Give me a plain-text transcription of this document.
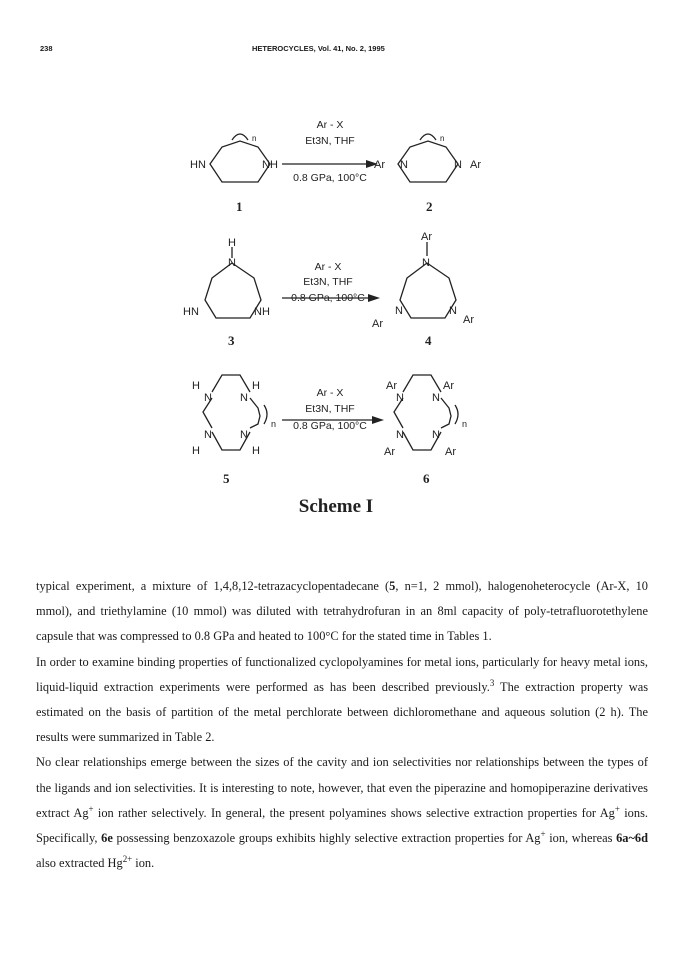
238	HETEROCYCLES, Vol. 41, No. 2, 1995
Ar - X
Et3N, THF
0.8 GPa, 100°C
HN	NH
n
Ar N	N Ar
n
1	2
Ar - X
Et3N, THF
0.8 GPa, 100°C
H
N
HN	NH
Ar
N
N	N
Ar	Ar
3	4
Ar - X
Et3N, THF
0.8 GPa, 100°C
H	H
N	N
N	N
H	H
n
Ar	Ar
N	N
N	N
Ar	Ar
n
5	6
Scheme I

typical experiment, a mixture of 1,4,8,12-tetrazacyclopentadecane (5, n=1, 2 mmol), halogenoheterocycle (Ar-X, 10 mmol), and triethylamine (10 mmol) was diluted with tetrahydrofuran in an 8ml capacity of poly-tetrafluorotethylene capsule that was compressed to 0.8 GPa and heated to 100°C for the stated time in Tables 1.

In order to examine binding properties of functionalized cyclopolyamines for metal ions, particularly for heavy metal ions, liquid-liquid extraction experiments were performed as has been described previously.$^3$ The extraction property was estimated on the basis of partition of the metal perchlorate between dichloromethane and aqueous solution (2 h). The results were summarized in Table 2.

No clear relationships emerge between the sizes of the cavity and ion selectivities nor relationships between the types of the ligands and ion selectivities. It is interesting to note, however, that even the piperazine and homopiperazine derivatives extract Ag+ ion rather selectively. In general, the present polyamines shows selective extraction properties for Ag+ ions. Specifically, 6e possessing benzoxazole groups exhibits highly selective extraction properties for Ag+ ion, whereas 6a~6d also extracted $Hg^{2+}$ ion.
